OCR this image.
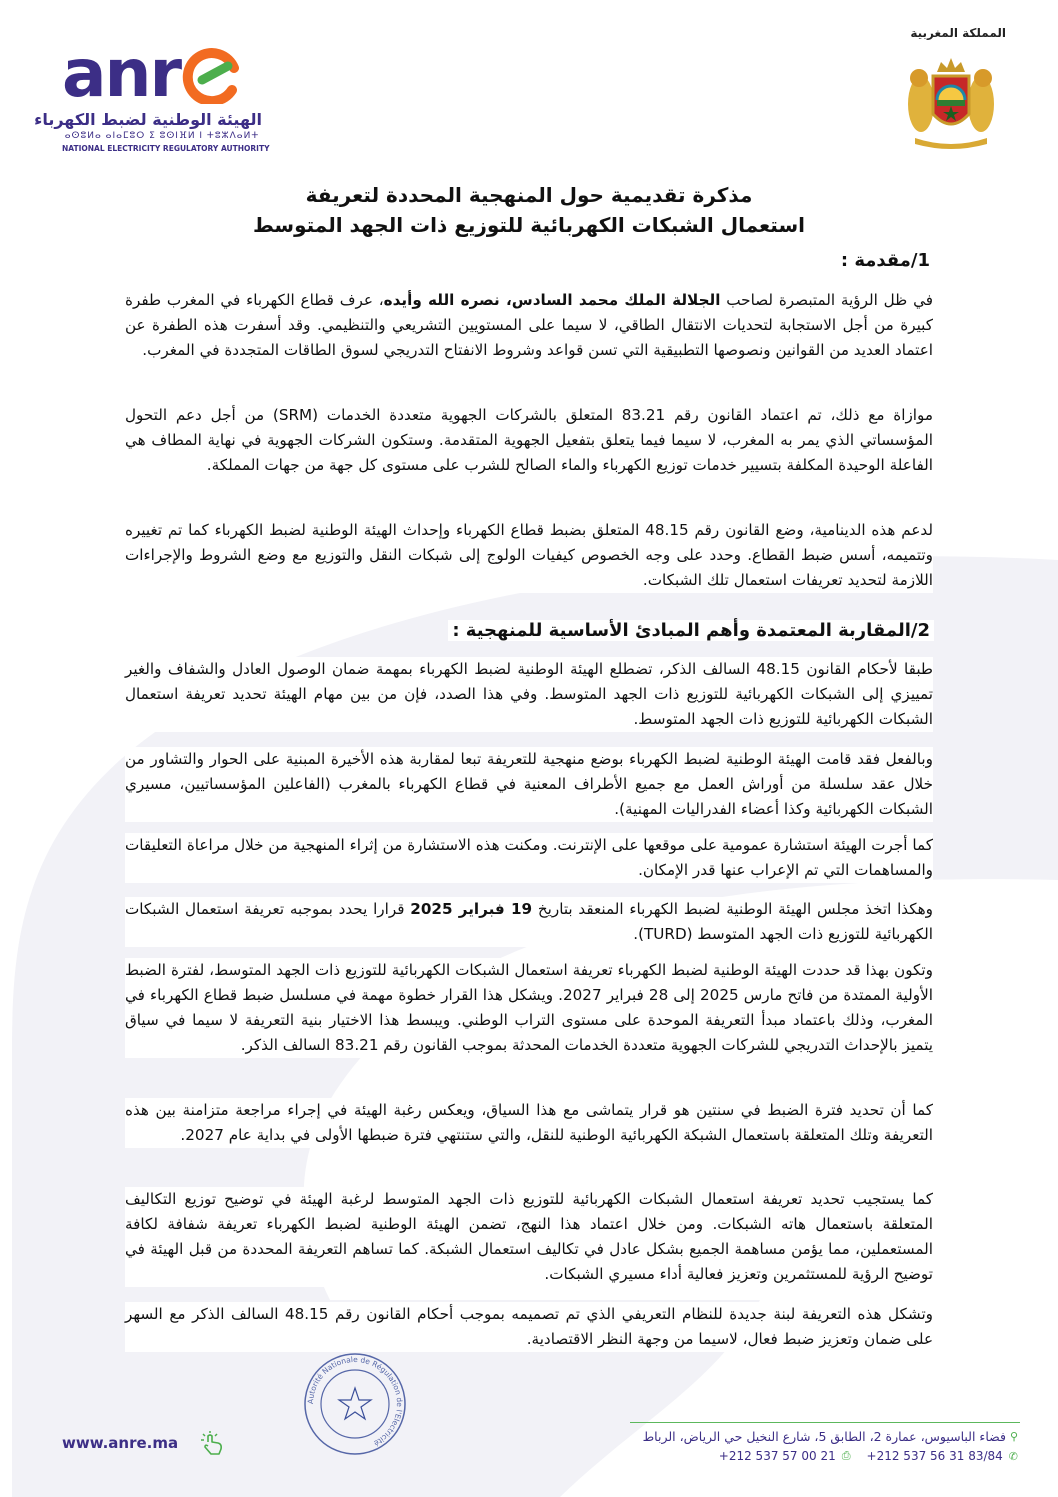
anr
الهيئة الوطنية لضبط الكهرباء
ⴰⵙⵓⵍⴰ ⴰⵏⴰⵎⵓⵔ ⵉ ⵓⵙⵏⴼⵍ ⵏ ⵜⵓⵣⴷⴰⵍⵜ
NATIONAL ELECTRICITY REGULATORY AUTHORITY
المملكة المغربية
مذكرة تقديمية حول المنهجية المحددة لتعريفة
استعمال الشبكات الكهربائية للتوزيع ذات الجهد المتوسط
1/مقدمة :

في ظل الرؤية المتبصرة لصاحب الجلالة الملك محمد السادس، نصره الله وأيده، عرف قطاع الكهرباء في المغرب طفرة كبيرة من أجل الاستجابة لتحديات الانتقال الطاقي، لا سيما على المستويين التشريعي والتنظيمي. وقد أسفرت هذه الطفرة عن اعتماد العديد من القوانين ونصوصها التطبيقية التي تسن قواعد وشروط الانفتاح التدريجي لسوق الطاقات المتجددة في المغرب.

موازاة مع ذلك، تم اعتماد القانون رقم 83.21 المتعلق بالشركات الجهوية متعددة الخدمات (SRM) من أجل دعم التحول المؤسساتي الذي يمر به المغرب، لا سيما فيما يتعلق بتفعيل الجهوية المتقدمة. وستكون الشركات الجهوية في نهاية المطاف هي الفاعلة الوحيدة المكلفة بتسيير خدمات توزيع الكهرباء والماء الصالح للشرب على مستوى كل جهة من جهات المملكة.

لدعم هذه الدينامية، وضع القانون رقم 48.15 المتعلق بضبط قطاع الكهرباء وإحداث الهيئة الوطنية لضبط الكهرباء كما تم تغييره وتتميمه، أسس ضبط القطاع. وحدد على وجه الخصوص كيفيات الولوج إلى شبكات النقل والتوزيع مع وضع الشروط والإجراءات اللازمة لتحديد تعريفات استعمال تلك الشبكات.

2/المقاربة المعتمدة وأهم المبادئ الأساسية للمنهجية :

طبقا لأحكام القانون 48.15 السالف الذكر، تضطلع الهيئة الوطنية لضبط الكهرباء بمهمة ضمان الوصول العادل والشفاف والغير تمييزي إلى الشبكات الكهربائية للتوزيع ذات الجهد المتوسط. وفي هذا الصدد، فإن من بين مهام الهيئة تحديد تعريفة استعمال الشبكات الكهربائية للتوزيع ذات الجهد المتوسط.

وبالفعل فقد قامت الهيئة الوطنية لضبط الكهرباء بوضع منهجية للتعريفة تبعا لمقاربة هذه الأخيرة المبنية على الحوار والتشاور من خلال عقد سلسلة من أوراش العمل مع جميع الأطراف المعنية في قطاع الكهرباء بالمغرب (الفاعلين المؤسساتيين، مسيري الشبكات الكهربائية وكذا أعضاء الفدراليات المهنية).

كما أجرت الهيئة استشارة عمومية على موقعها على الإنترنت. ومكنت هذه الاستشارة من إثراء المنهجية من خلال مراعاة التعليقات والمساهمات التي تم الإعراب عنها قدر الإمكان.

وهكذا اتخذ مجلس الهيئة الوطنية لضبط الكهرباء المنعقد بتاريخ 19 فبراير 2025 قرارا يحدد بموجبه تعريفة استعمال الشبكات الكهربائية للتوزيع ذات الجهد المتوسط (TURD).

وتكون بهذا قد حددت الهيئة الوطنية لضبط الكهرباء تعريفة استعمال الشبكات الكهربائية للتوزيع ذات الجهد المتوسط، لفترة الضبط الأولية الممتدة من فاتح مارس 2025 إلى 28 فبراير 2027. ويشكل هذا القرار خطوة مهمة في مسلسل ضبط قطاع الكهرباء في المغرب، وذلك باعتماد مبدأ التعريفة الموحدة على مستوى التراب الوطني. ويبسط هذا الاختيار بنية التعريفة لا سيما في سياق يتميز بالإحداث التدريجي للشركات الجهوية متعددة الخدمات المحدثة بموجب القانون رقم 83.21 السالف الذكر.

كما أن تحديد فترة الضبط في سنتين هو قرار يتماشى مع هذا السياق، ويعكس رغبة الهيئة في إجراء مراجعة متزامنة بين هذه التعريفة وتلك المتعلقة باستعمال الشبكة الكهربائية الوطنية للنقل، والتي ستنتهي فترة ضبطها الأولى في بداية عام 2027.

كما يستجيب تحديد تعريفة استعمال الشبكات الكهربائية للتوزيع ذات الجهد المتوسط لرغبة الهيئة في توضيح توزيع التكاليف المتعلقة باستعمال هاته الشبكات. ومن خلال اعتماد هذا النهج، تضمن الهيئة الوطنية لضبط الكهرباء تعريفة شفافة لكافة المستعملين، مما يؤمن مساهمة الجميع بشكل عادل في تكاليف استعمال الشبكة. كما تساهم التعريفة المحددة من قبل الهيئة في توضيح الرؤية للمستثمرين وتعزيز فعالية أداء مسيري الشبكات.

وتشكل هذه التعريفة لبنة جديدة للنظام التعريفي الذي تم تصميمه بموجب أحكام القانون رقم 48.15 السالف الذكر مع السهر على ضمان وتعزيز ضبط فعال، لاسيما من وجهة النظر الاقتصادية.

Autorité Nationale de Régulation de l'Electricité
www.anre.ma	⚲
فضاء الباسيوس، عمارة 2، الطابق 5، شارع النخيل حي الرياض، الرباط
+212 537 57 00 21 ⎙ +212 537 56 31 83/84 ✆
